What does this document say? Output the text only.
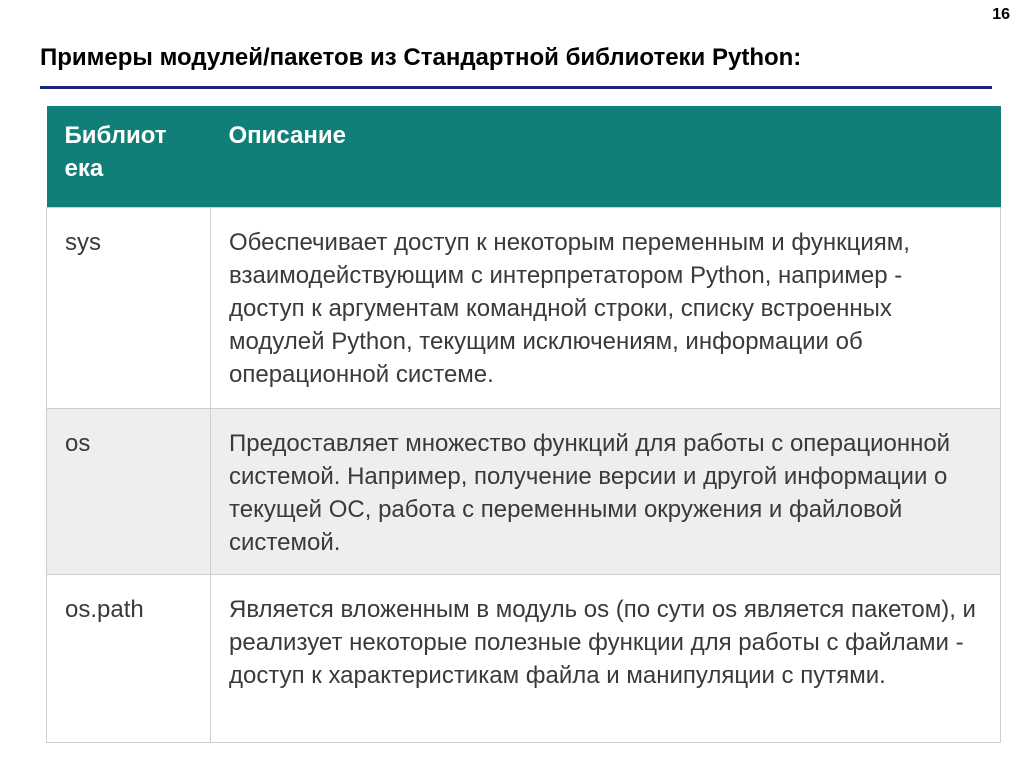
16
Примеры модулей/пакетов из Стандартной библиотеки Python:
Библиот ека	Описание
sys	Обеспечивает доступ к некоторым переменным и функциям, взаимодействующим с интерпретатором Python, например - доступ к аргументам командной строки, списку встроенных модулей Python, текущим исключениям, информации об операционной системе.
os	Предоставляет множество функций для работы с операционной системой. Например, получение версии и другой информации о текущей ОС, работа с переменными окружения и файловой системой.
os.path	Является вложенным в модуль os (по сути os является пакетом), и реализует некоторые полезные функции для работы с файлами - доступ к характеристикам файла и манипуляции с путями.
